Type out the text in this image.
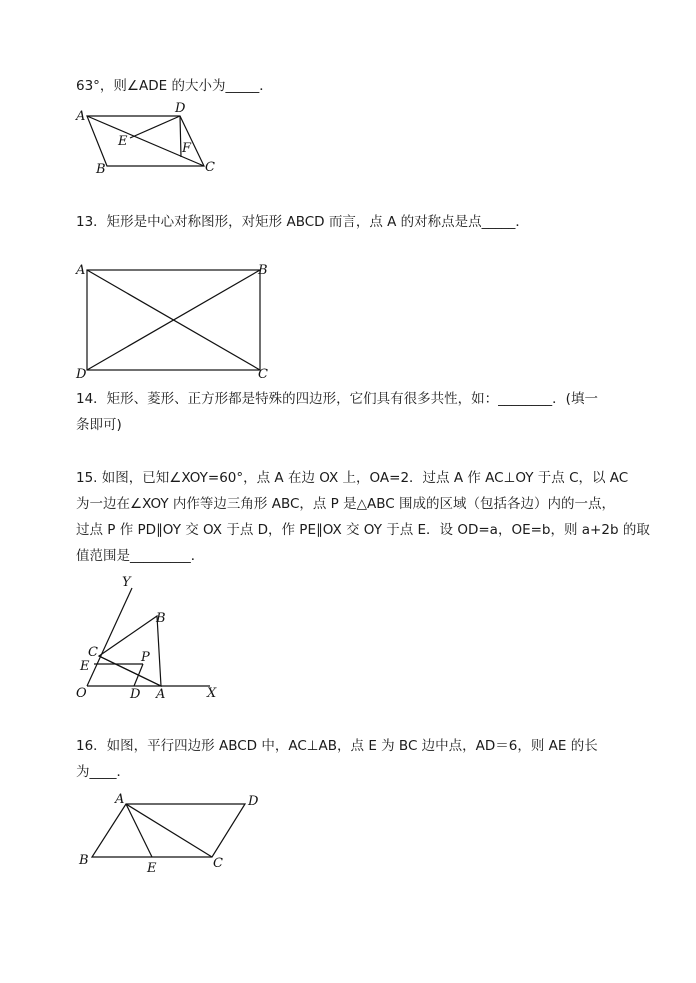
63°，则∠ADE 的大小为_____．
A
D
E	F
B	C
13．矩形是中心对称图形，对矩形 ABCD 而言，点 A 的对称点是点_____．
A	B
D	C
14．矩形、菱形、正方形都是特殊的四边形，它们具有很多共性，如：________．(填一
条即可)
15. 如图，已知∠XOY=60°，点 A 在边 OX 上，OA=2．过点 A 作 AC⊥OY 于点 C，以 AC
为一边在∠XOY 内作等边三角形 ABC，点 P 是△ABC 围成的区域（包括各边）内的一点，
过点 P 作 PD∥OY 交 OX 于点 D，作 PE∥OX 交 OY 于点 E．设 OD=a，OE=b，则 a+2b 的取
值范围是_________．
Y
B
C	P
E
O	D A	X
16．如图，平行四边形 ABCD 中，AC⊥AB，点 E 为 BC 边中点，AD＝6，则 AE 的长
为____．
A	D
B
E	C
